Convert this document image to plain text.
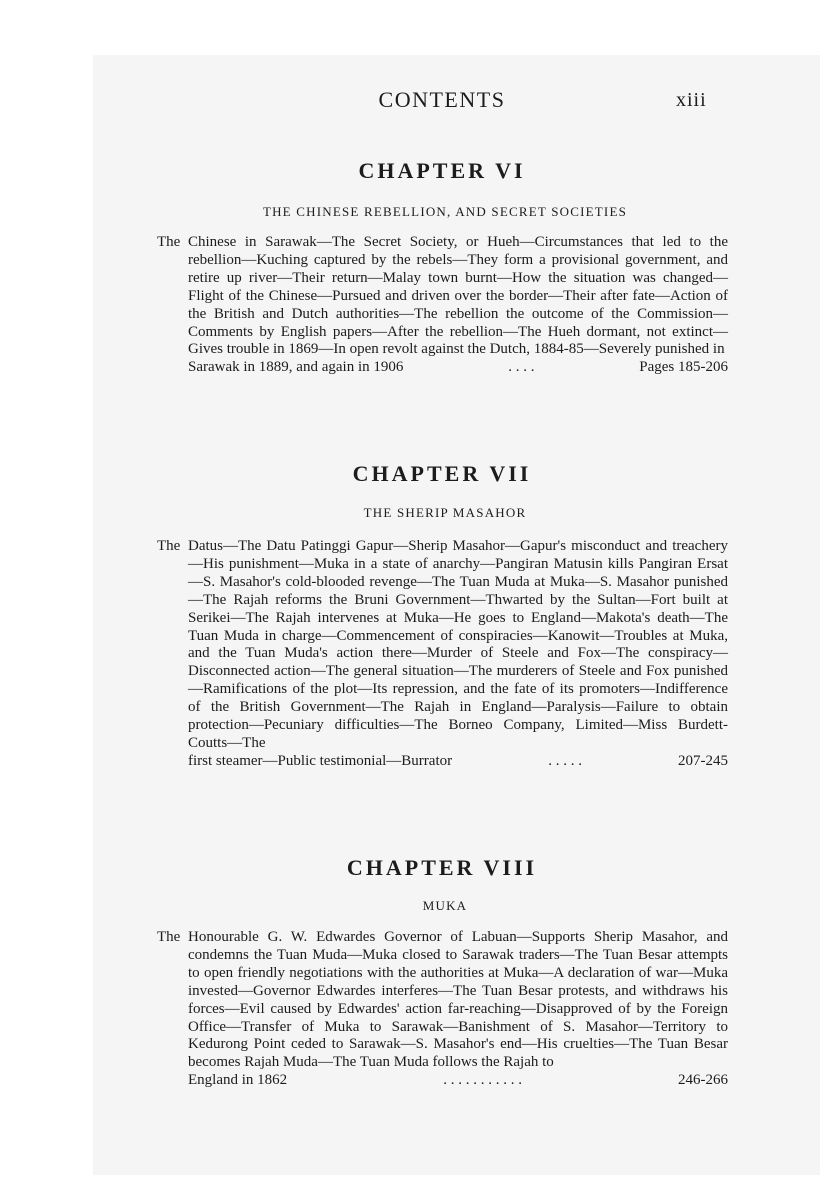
CONTENTS	xiii
CHAPTER VI

THE CHINESE REBELLION, AND SECRET SOCIETIES

The Chinese in Sarawak—The Secret Society, or Hueh—Circumstances that led to the rebellion—Kuching captured by the rebels—They form a provisional government, and retire up river—Their return—Malay town burnt—How the situation was changed—Flight of the Chinese—Pursued and driven over the border—Their after fate—Action of the British and Dutch authorities—The rebellion the outcome of the Commission—Comments by English papers—After the rebellion—The Hueh dormant, not extinct—Gives trouble in 1869—In open revolt against the Dutch, 1884-85—Severely punished in
Sarawak in 1889, and again in 1906	. . . .	Pages 185-206
CHAPTER VII

THE SHERIP MASAHOR

The Datus—The Datu Patinggi Gapur—Sherip Masahor—Gapur's misconduct and treachery—His punishment—Muka in a state of anarchy—Pangiran Matusin kills Pangiran Ersat—S. Masahor's cold-blooded revenge—The Tuan Muda at Muka—S. Masahor punished—The Rajah reforms the Bruni Government—Thwarted by the Sultan—Fort built at Serikei—The Rajah intervenes at Muka—He goes to England—Makota's death—The Tuan Muda in charge—Commencement of conspiracies—Kanowit—Troubles at Muka, and the Tuan Muda's action there—Murder of Steele and Fox—The conspiracy—Disconnected action—The general situation—The murderers of Steele and Fox punished—Ramifications of the plot—Its repression, and the fate of its promoters—Indifference of the British Government—The Rajah in England—Paralysis—Failure to obtain protection—Pecuniary difficulties—The Borneo Company, Limited—Miss Burdett-Coutts—The
first steamer—Public testimonial—Burrator	. . . . .	207-245
CHAPTER VIII

MUKA

The Honourable G. W. Edwardes Governor of Labuan—Supports Sherip Masahor, and condemns the Tuan Muda—Muka closed to Sarawak traders—The Tuan Besar attempts to open friendly negotiations with the authorities at Muka—A declaration of war—Muka invested—Governor Edwardes interferes—The Tuan Besar protests, and withdraws his forces—Evil caused by Edwardes' action far-reaching—Disapproved of by the Foreign Office—Transfer of Muka to Sarawak—Banishment of S. Masahor—Territory to Kedurong Point ceded to Sarawak—S. Masahor's end—His cruelties—The Tuan Besar becomes Rajah Muda—The Tuan Muda follows the Rajah to
England in 1862	. . . . . . . . . . .	246-266
